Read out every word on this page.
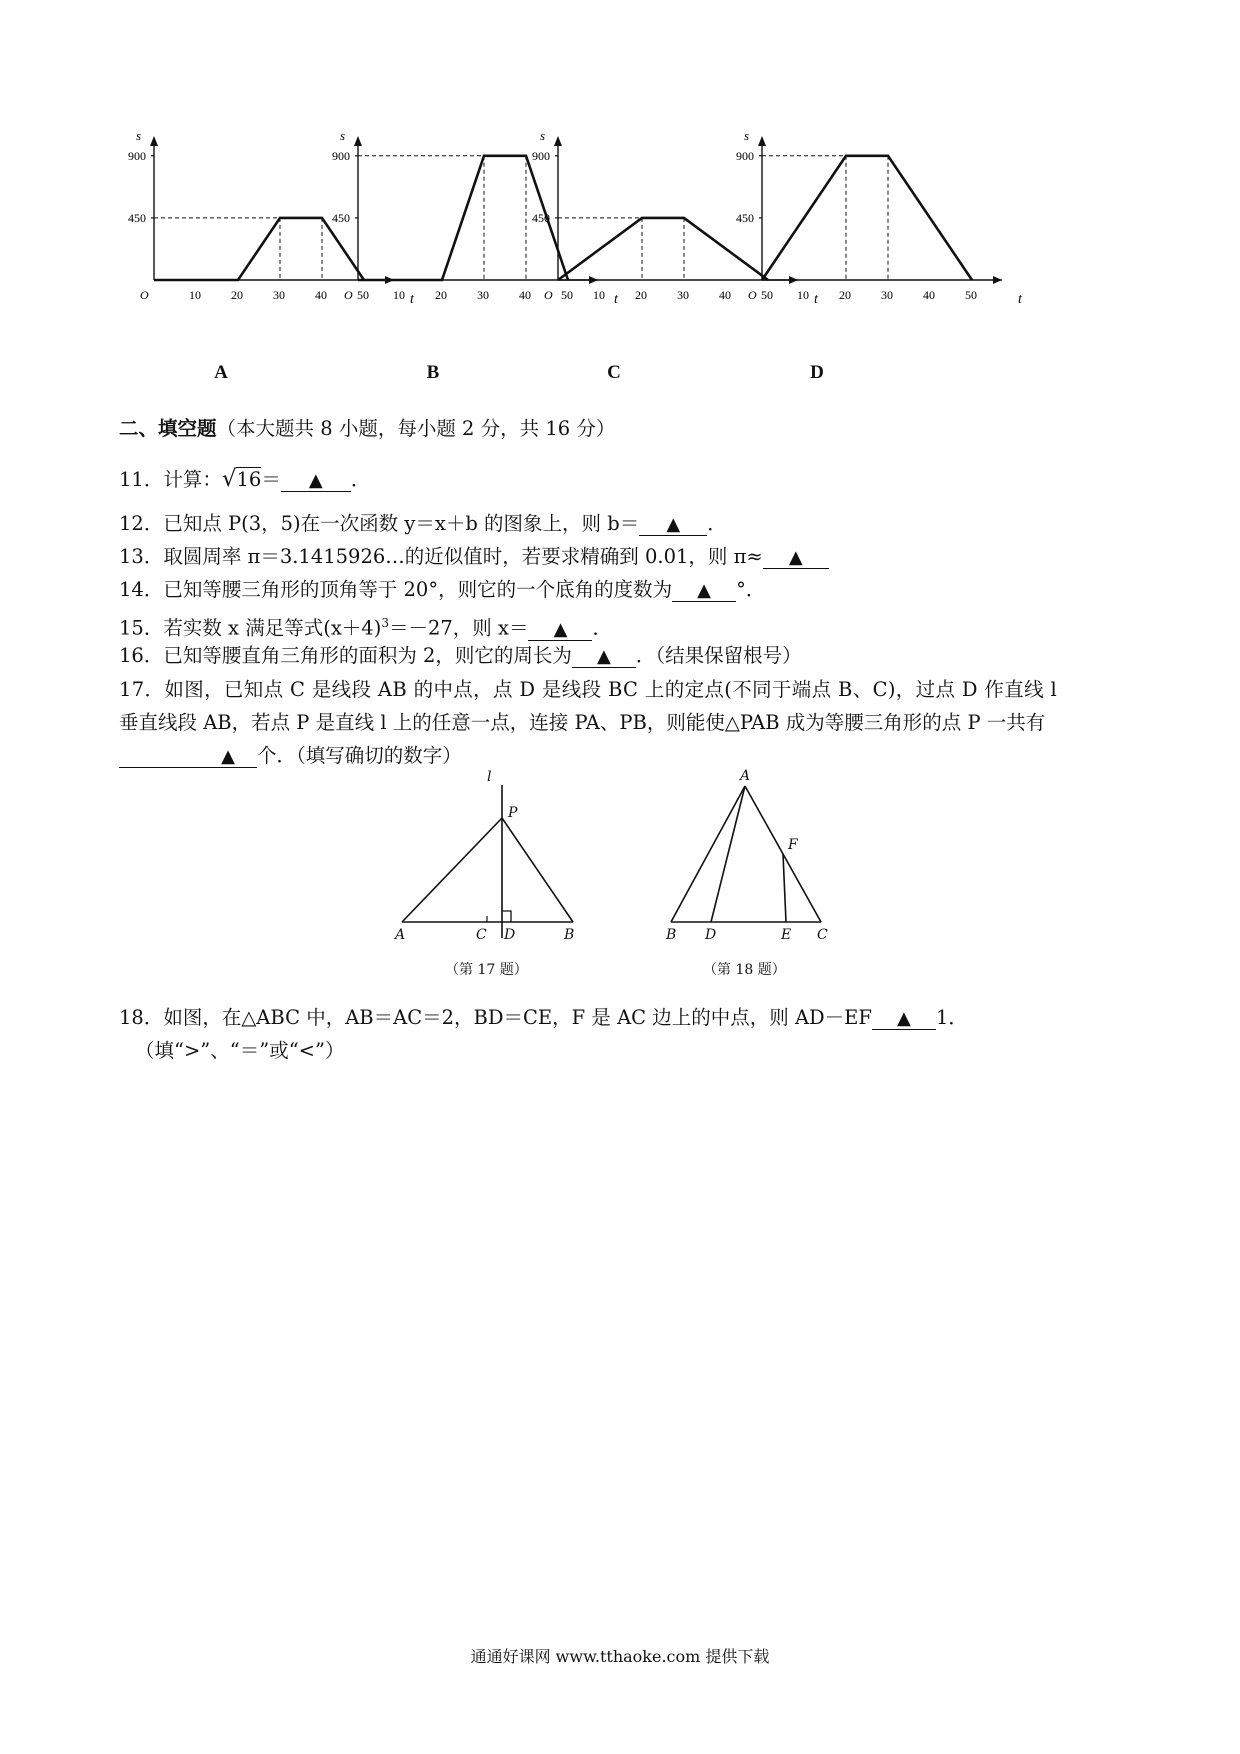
s
t
O	10	20	30	40	50
450
900
s
t
O	10	20	30	40	50
450
900
s
t
O	10	20	30	40	50
450
900
s
t
O	10	20	30	40	50
450
900
A	B	C	D
二、填空题（本大题共 8 小题，每小题 2 分，共 16 分）
11．计算：√16＝ ▲ ．
12．已知点 P(3，5)在一次函数 y＝x＋b 的图象上，则 b＝ ▲ ．
13．取圆周率 π＝3.1415926…的近似值时，若要求精确到 0.01，则 π≈ ▲
14．已知等腰三角形的顶角等于 20°，则它的一个底角的度数为 ▲ °．
15．若实数 x 满足等式$(x+4)^3=-27$，则 x＝ ▲ ．
16．已知等腰直角三角形的面积为 2，则它的周长为 ▲ ．（结果保留根号）
17．如图，已知点 C 是线段 AB 的中点，点 D 是线段 BC 上的定点(不同于端点 B、C)，过点 D 作直线 l
垂直线段 AB，若点 P 是直线 l 上的任意一点，连接 PA、PB，则能使△PAB 成为等腰三角形的点 P 一共有
▲ 个．（填写确切的数字）
l
P
A	C D	B
（第 17 题）
A
F
B D	E C
（第 18 题）
18．如图，在△ABC 中，AB＝AC＝2，BD＝CE，F 是 AC 边上的中点，则 AD－EF ▲ 1．
（填“>”、“＝”或“<”）
通通好课网 www.tthaoke.com 提供下载
